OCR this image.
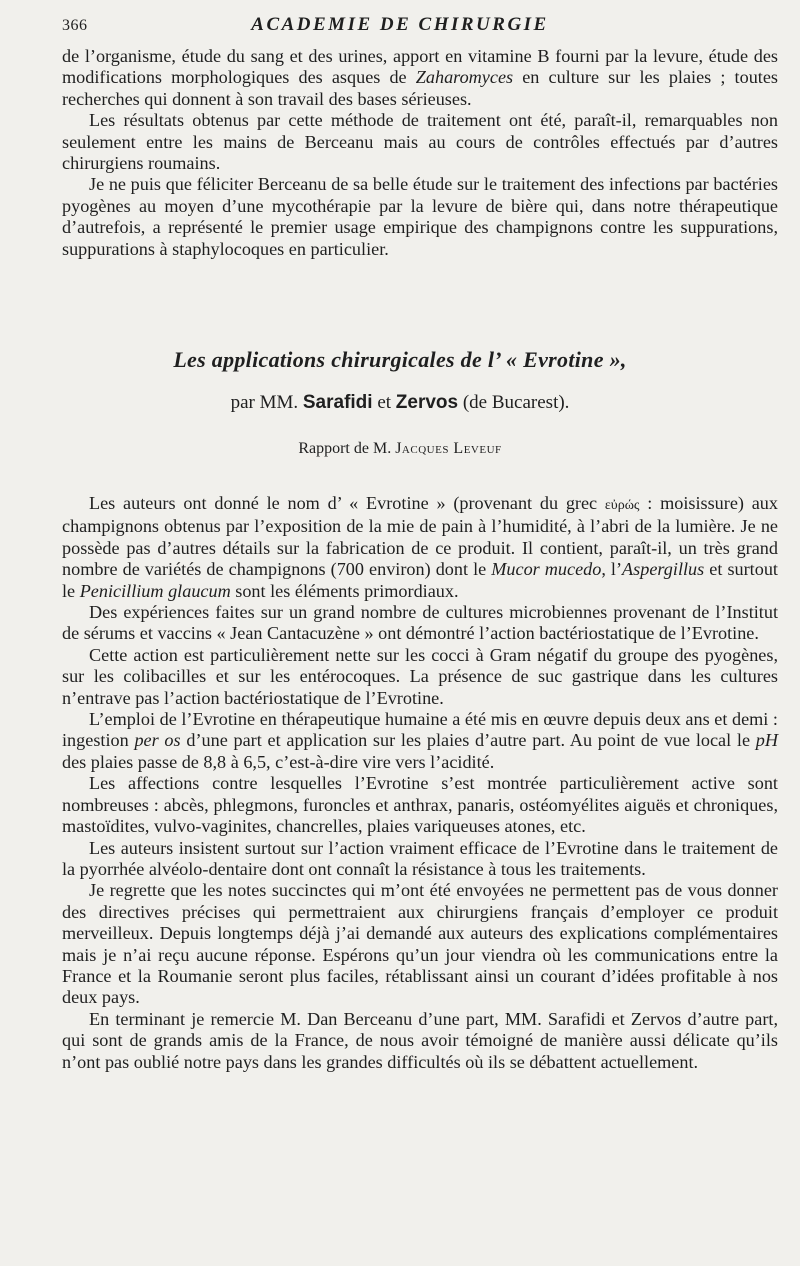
366	ACADEMIE DE CHIRURGIE

de l’organisme, étude du sang et des urines, apport en vitamine B fourni par la levure, étude des modifications morphologiques des asques de Zaharomyces en culture sur les plaies ; toutes recherches qui donnent à son travail des bases sérieuses.

Les résultats obtenus par cette méthode de traitement ont été, paraît-il, remarquables non seulement entre les mains de Berceanu mais au cours de contrôles effectués par d’autres chirurgiens roumains.

Je ne puis que féliciter Berceanu de sa belle étude sur le traitement des infections par bactéries pyogènes au moyen d’une mycothérapie par la levure de bière qui, dans notre thérapeutique d’autrefois, a représenté le premier usage empirique des champignons contre les suppurations, suppurations à staphylocoques en particulier.

Les applications chirurgicales de l’ « Evrotine »,
par MM. Sarafidi et Zervos (de Bucarest).
Rapport de M. Jacques Leveuf

Les auteurs ont donné le nom d’ « Evrotine » (provenant du grec εὐρώς : moisissure) aux champignons obtenus par l’exposition de la mie de pain à l’humidité, à l’abri de la lumière. Je ne possède pas d’autres détails sur la fabrication de ce produit. Il contient, paraît-il, un très grand nombre de variétés de champignons (700 environ) dont le Mucor mucedo, l’Aspergillus et surtout le Penicillium glaucum sont les éléments primordiaux.

Des expériences faites sur un grand nombre de cultures microbiennes provenant de l’Institut de sérums et vaccins « Jean Cantacuzène » ont démontré l’action bactériostatique de l’Evrotine.

Cette action est particulièrement nette sur les cocci à Gram négatif du groupe des pyogènes, sur les colibacilles et sur les entérocoques. La présence de suc gastrique dans les cultures n’entrave pas l’action bactériostatique de l’Evrotine.

L’emploi de l’Evrotine en thérapeutique humaine a été mis en œuvre depuis deux ans et demi : ingestion per os d’une part et application sur les plaies d’autre part. Au point de vue local le pH des plaies passe de 8,8 à 6,5, c’est-à-dire vire vers l’acidité.

Les affections contre lesquelles l’Evrotine s’est montrée particulièrement active sont nombreuses : abcès, phlegmons, furoncles et anthrax, panaris, ostéomyélites aiguës et chroniques, mastoïdites, vulvo-vaginites, chancrelles, plaies variqueuses atones, etc.

Les auteurs insistent surtout sur l’action vraiment efficace de l’Evrotine dans le traitement de la pyorrhée alvéolo-dentaire dont ont connaît la résistance à tous les traitements.

Je regrette que les notes succinctes qui m’ont été envoyées ne permettent pas de vous donner des directives précises qui permettraient aux chirurgiens français d’employer ce produit merveilleux. Depuis longtemps déjà j’ai demandé aux auteurs des explications complémentaires mais je n’ai reçu aucune réponse. Espérons qu’un jour viendra où les communications entre la France et la Roumanie seront plus faciles, rétablissant ainsi un courant d’idées profitable à nos deux pays.

En terminant je remercie M. Dan Berceanu d’une part, MM. Sarafidi et Zervos d’autre part, qui sont de grands amis de la France, de nous avoir témoigné de manière aussi délicate qu’ils n’ont pas oublié notre pays dans les grandes difficultés où ils se débattent actuellement.
